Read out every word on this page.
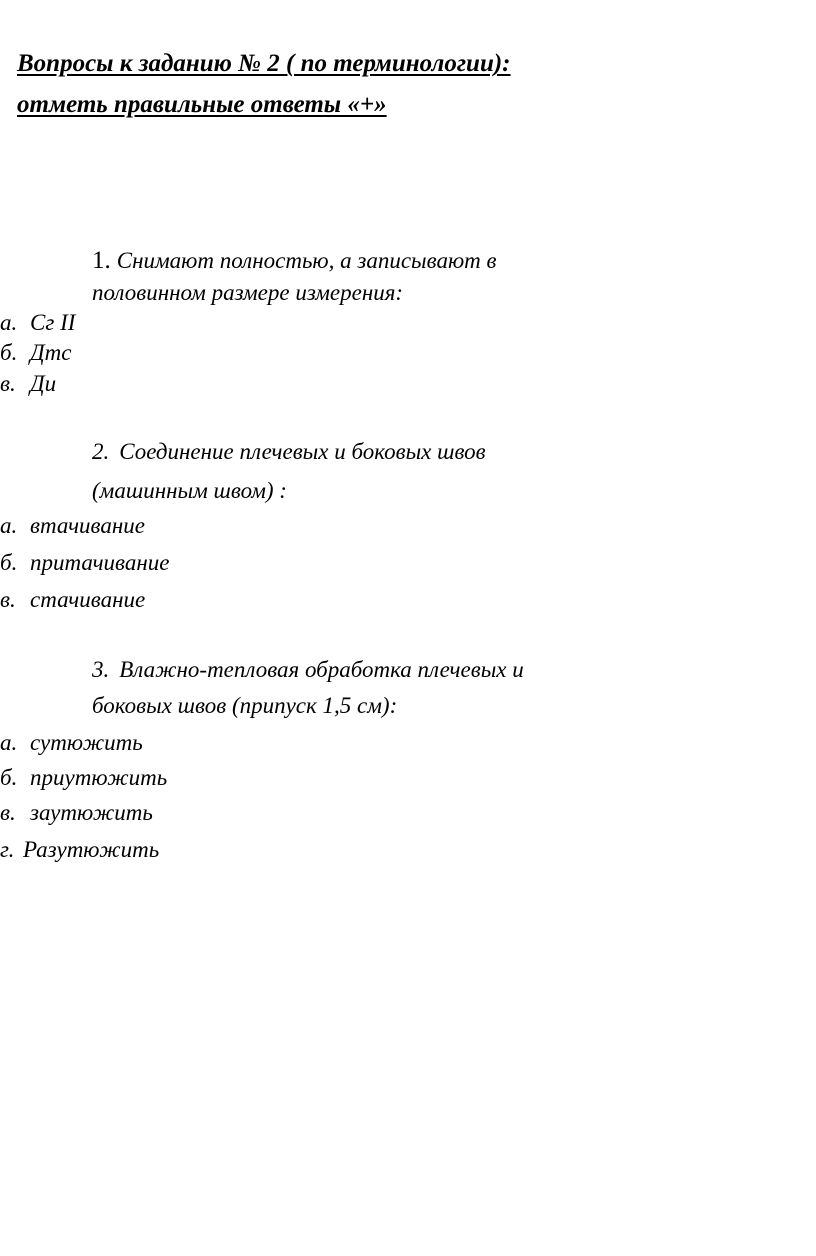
Вопросы к заданию № 2 ( по терминологии):
отметь правильные ответы «+»
1. Снимают полностью, а записывают в
половинном размере измерения:
а. Сг II
б. Дтс
в. Ди
2. Соединение плечевых и боковых швов
(машинным швом) :
а. втачивание
б. притачивание
в. стачивание
3. Влажно-тепловая обработка плечевых и
боковых швов (припуск 1,5 см):
а. сутюжить
б. приутюжить
в. заутюжить
г. Разутюжить
